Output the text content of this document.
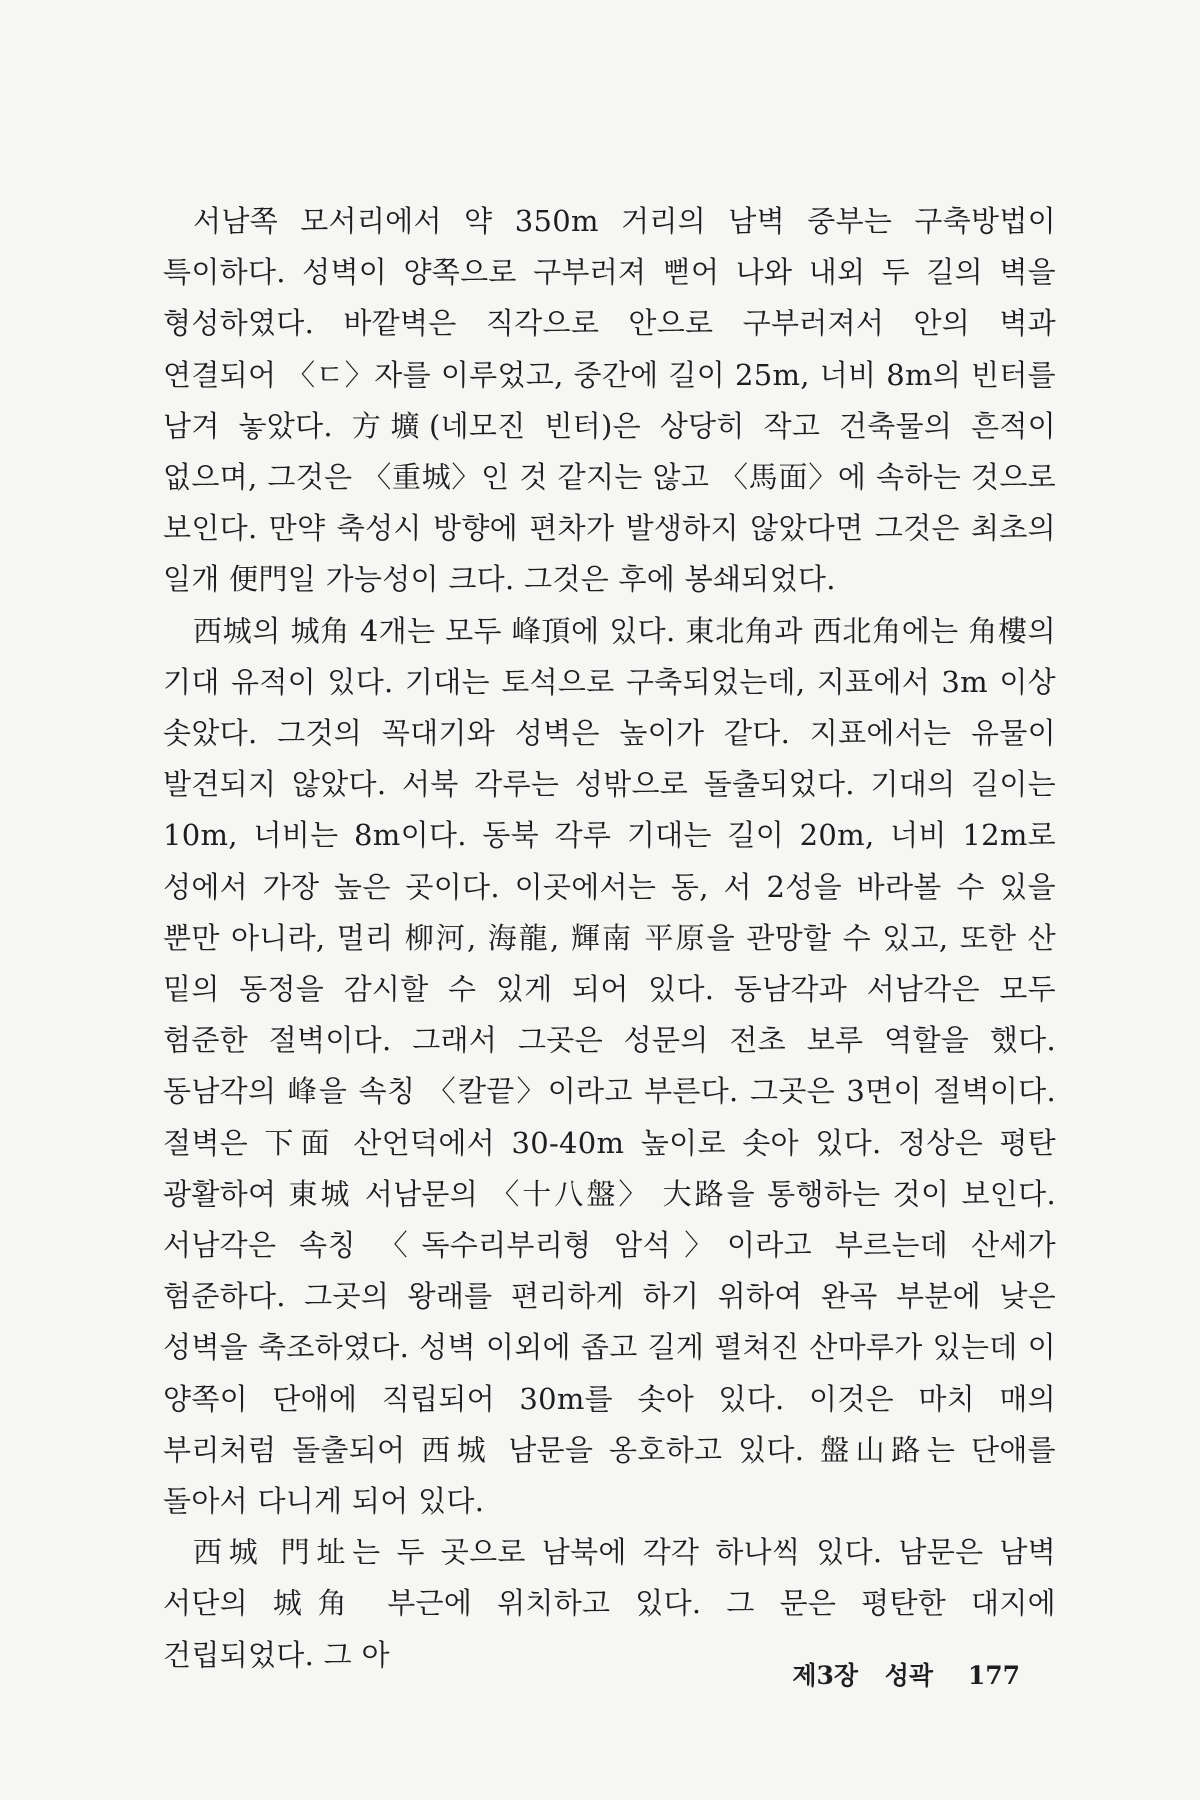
서남쪽 모서리에서 약 350m 거리의 남벽 중부는 구축방법이 특이하다. 성벽이 양쪽으로 구부러져 뻗어 나와 내외 두 길의 벽을 형성하였다. 바깥벽은 직각으로 안으로 구부러져서 안의 벽과 연결되어 〈ㄷ〉자를 이루었고, 중간에 길이 25m, 너비 8m의 빈터를 남겨 놓았다. 方壙(네모진 빈터)은 상당히 작고 건축물의 흔적이 없으며, 그것은 〈重城〉인 것 같지는 않고 〈馬面〉에 속하는 것으로 보인다. 만약 축성시 방향에 편차가 발생하지 않았다면 그것은 최초의 일개 便門일 가능성이 크다. 그것은 후에 봉쇄되었다.

西城의 城角 4개는 모두 峰頂에 있다. 東北角과 西北角에는 角樓의 기대 유적이 있다. 기대는 토석으로 구축되었는데, 지표에서 3m 이상 솟았다. 그것의 꼭대기와 성벽은 높이가 같다. 지표에서는 유물이 발견되지 않았다. 서북 각루는 성밖으로 돌출되었다. 기대의 길이는 10m, 너비는 8m이다. 동북 각루 기대는 길이 20m, 너비 12m로 성에서 가장 높은 곳이다. 이곳에서는 동, 서 2성을 바라볼 수 있을 뿐만 아니라, 멀리 柳河, 海龍, 輝南 平原을 관망할 수 있고, 또한 산 밑의 동정을 감시할 수 있게 되어 있다. 동남각과 서남각은 모두 험준한 절벽이다. 그래서 그곳은 성문의 전초 보루 역할을 했다. 동남각의 峰을 속칭 〈칼끝〉이라고 부른다. 그곳은 3면이 절벽이다. 절벽은 下面 산언덕에서 30-40m 높이로 솟아 있다. 정상은 평탄 광활하여 東城 서남문의 〈十八盤〉 大路을 통행하는 것이 보인다. 서남각은 속칭 〈독수리부리형 암석〉이라고 부르는데 산세가 험준하다. 그곳의 왕래를 편리하게 하기 위하여 완곡 부분에 낮은 성벽을 축조하였다. 성벽 이외에 좁고 길게 펼쳐진 산마루가 있는데 이 양쪽이 단애에 직립되어 30m를 솟아 있다. 이것은 마치 매의 부리처럼 돌출되어 西城 남문을 옹호하고 있다. 盤山路는 단애를 돌아서 다니게 되어 있다.

西城 門址는 두 곳으로 남북에 각각 하나씩 있다. 남문은 남벽 서단의 城角 부근에 위치하고 있다. 그 문은 평탄한 대지에 건립되었다. 그 아

제3장 성곽 177
